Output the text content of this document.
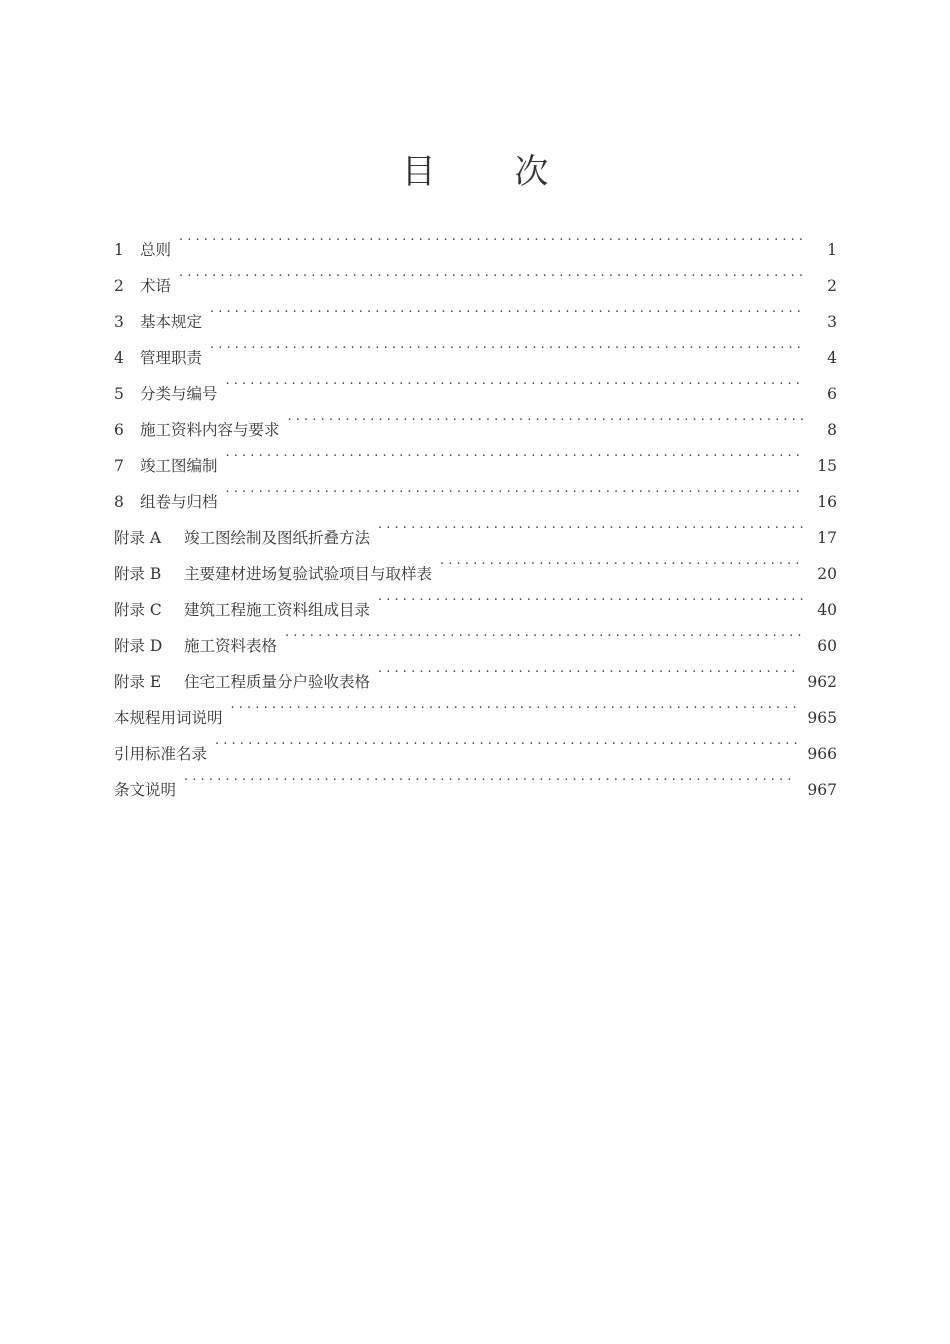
目 次
1	总则 . . .	1
2	术语 . . .	2
3	基本规定 . . .	3
4	管理职责 . . .	4
5	分类与编号 . . .	6
6	施工资料内容与要求 . . .	8
7	竣工图编制 . . .	15
8	组卷与归档 . . .	16
附录 A	竣工图绘制及图纸折叠方法 . . .	17
附录 B	主要建材进场复验试验项目与取样表 . . .	20
附录 C	建筑工程施工资料组成目录 . . .	40
附录 D	施工资料表格 . . .	60
附录 E	住宅工程质量分户验收表格 . . .	962
本规程用词说明 . . .	965
引用标准名录 . . .	966
条文说明 . . .	967
